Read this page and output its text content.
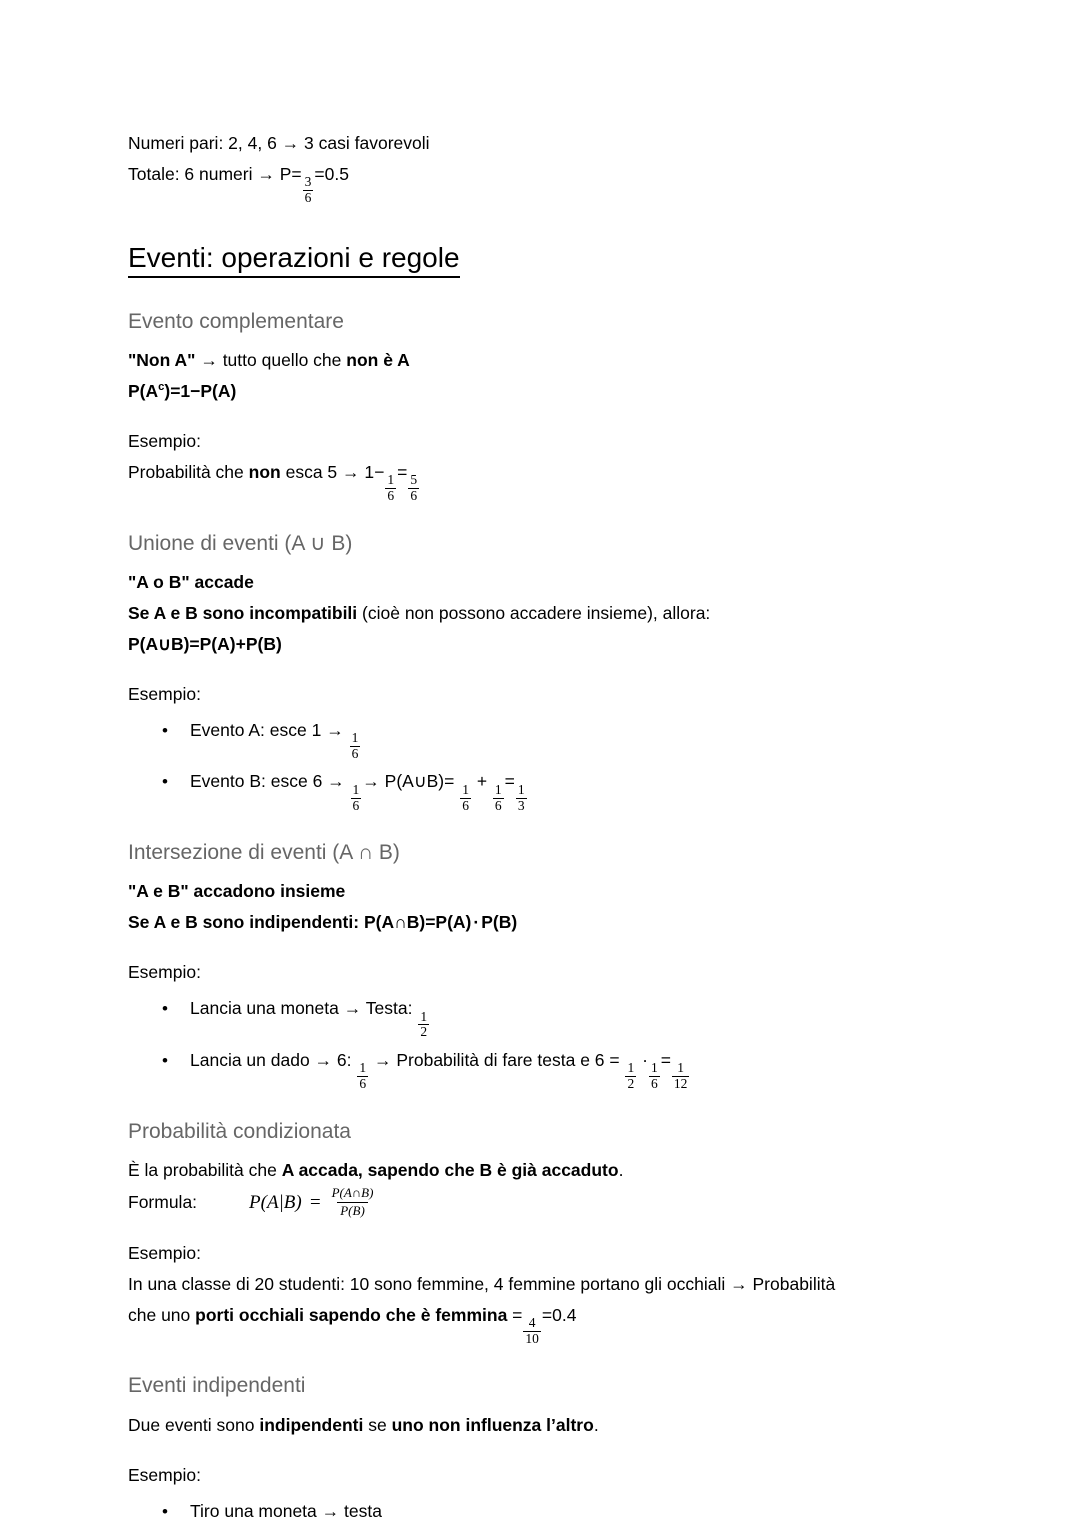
Numeri pari: 2, 4, 6 → 3 casi favorevoli
Totale: 6 numeri → P=
$\frac{3}{6}$
=0.5
Eventi: operazioni e regole
Evento complementare
"Non A" → tutto quello che non è A
$P(A^c)=1-P(A)$
Esempio:
Probabilità che non esca 5 → 1−
$\frac{1}{6}$
=
$\frac{5}{6}$
Unione di eventi (A ∪ B)
"A o B" accade
Se A e B sono incompatibili (cioè non possono accadere insieme), allora:
P(A∪B)=P(A)+P(B)
Esempio:
• Evento A: esce 1 →
$\frac{1}{6}$
• Evento B: esce 6 →
$\frac{1}{6}$
→ P(A∪B)=
$\frac{1}{6}$
+
$\frac{1}{6}$
=
$\frac{1}{3}$
Intersezione di eventi (A ∩ B)
"A e B" accadono insieme
Se A e B sono indipendenti: P(A∩B)=P(A) · P(B)
Esempio:
• Lancia una moneta → Testa:
$\frac{1}{2}$
• Lancia un dado → 6:
$\frac{1}{6}$
→ Probabilità di fare testa e 6 =
$\frac{1}{2}$
·
$\frac{1}{6}$
=
$\frac{1}{12}$
Probabilità condizionata
È la probabilità che A accada, sapendo che B è già accaduto.
Formula:	$P(A|B) = \frac{P(A\cap B)}{P(B)}$
Esempio:
In una classe di 20 studenti: 10 sono femmine, 4 femmine portano gli occhiali → Probabilità
che uno porti occhiali sapendo che è femmina =
$\frac{4}{10}$
=0.4
Eventi indipendenti
Due eventi sono indipendenti se uno non influenza l’altro.
Esempio:
• Tiro una moneta → testa
